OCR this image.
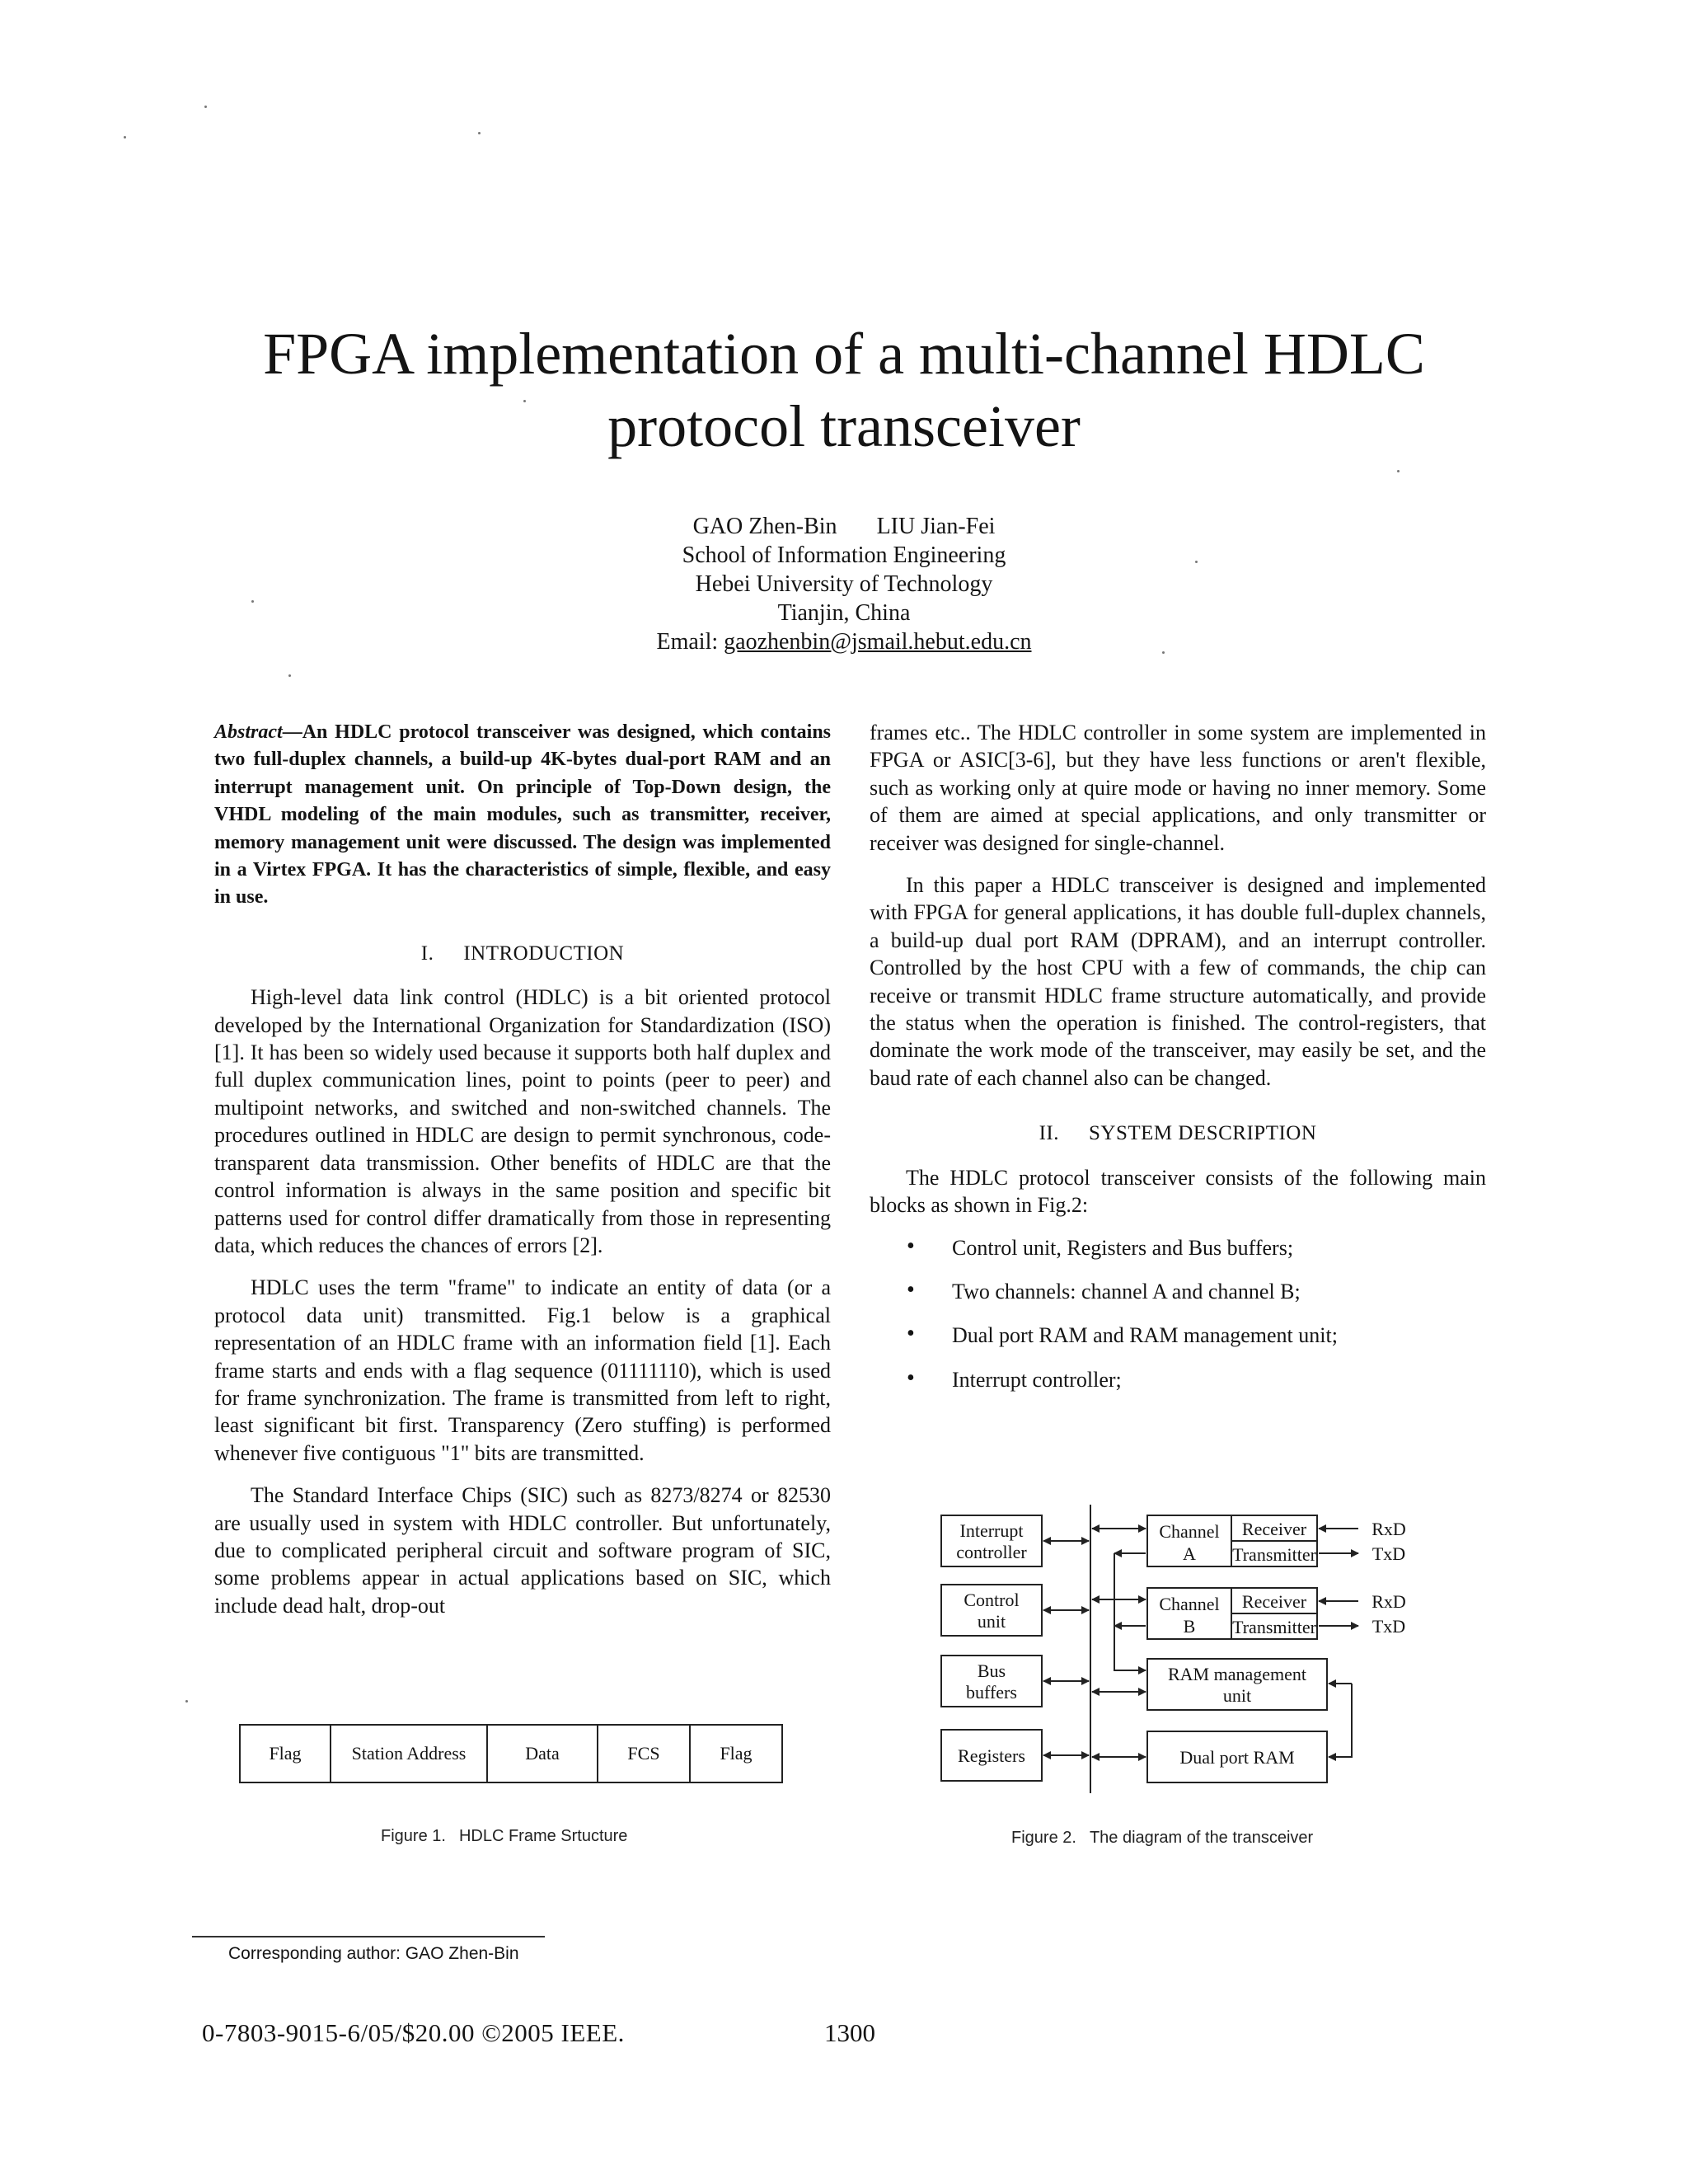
FPGA implementation of a multi-channel HDLC protocol transceiver
GAO Zhen-Bin LIU Jian-Fei
School of Information Engineering
Hebei University of Technology
Tianjin, China
Email: gaozhenbin@jsmail.hebut.edu.cn

Abstract—An HDLC protocol transceiver was designed, which contains two full-duplex channels, a build-up 4K-bytes dual-port RAM and an interrupt management unit. On principle of Top-Down design, the VHDL modeling of the main modules, such as transmitter, receiver, memory management unit were discussed. The design was implemented in a Virtex FPGA. It has the characteristics of simple, flexible, and easy in use.

I. INTRODUCTION

High-level data link control (HDLC) is a bit oriented protocol developed by the International Organization for Standardization (ISO)[1]. It has been so widely used because it supports both half duplex and full duplex communication lines, point to points (peer to peer) and multipoint networks, and switched and non-switched channels. The procedures outlined in HDLC are design to permit synchronous, code-transparent data transmission. Other benefits of HDLC are that the control information is always in the same position and specific bit patterns used for control differ dramatically from those in representing data, which reduces the chances of errors [2].

HDLC uses the term "frame" to indicate an entity of data (or a protocol data unit) transmitted. Fig.1 below is a graphical representation of an HDLC frame with an information field [1]. Each frame starts and ends with a flag sequence (01111110), which is used for frame synchronization. The frame is transmitted from left to right, least significant bit first. Transparency (Zero stuffing) is performed whenever five contiguous "1" bits are transmitted.

The Standard Interface Chips (SIC) such as 8273/8274 or 82530 are usually used in system with HDLC controller. But unfortunately, due to complicated peripheral circuit and software program of SIC, some problems appear in actual applications based on SIC, which include dead halt, drop-out

frames etc.. The HDLC controller in some system are implemented in FPGA or ASIC[3-6], but they have less functions or aren't flexible, such as working only at quire mode or having no inner memory. Some of them are aimed at special applications, and only transmitter or receiver was designed for single-channel.

In this paper a HDLC transceiver is designed and implemented with FPGA for general applications, it has double full-duplex channels, a build-up dual port RAM (DPRAM), and an interrupt controller. Controlled by the host CPU with a few of commands, the chip can receive or transmit HDLC frame structure automatically, and provide the status when the operation is finished. The control-registers, that dominate the work mode of the transceiver, may easily be set, and the baud rate of each channel also can be changed.

II. SYSTEM DESCRIPTION

The HDLC protocol transceiver consists of the following main blocks as shown in Fig.2:

• Control unit, Registers and Bus buffers;
• Two channels: channel A and channel B;
• Dual port RAM and RAM management unit;
• Interrupt controller;
Flag	Station Address	Data	FCS	Flag
Figure 1. HDLC Frame Srtucture
Interrupt
controller
Control
unit
Bus
buffers
Registers
Channel
A
Receiver
Transmitter
Channel
B
Receiver
Transmitter
RAM management
unit
Dual port RAM
RxD
TxD
RxD
TxD
Figure 2. The diagram of the transceiver
Corresponding author: GAO Zhen-Bin
0-7803-9015-6/05/$20.00 ©2005 IEEE.	1300
